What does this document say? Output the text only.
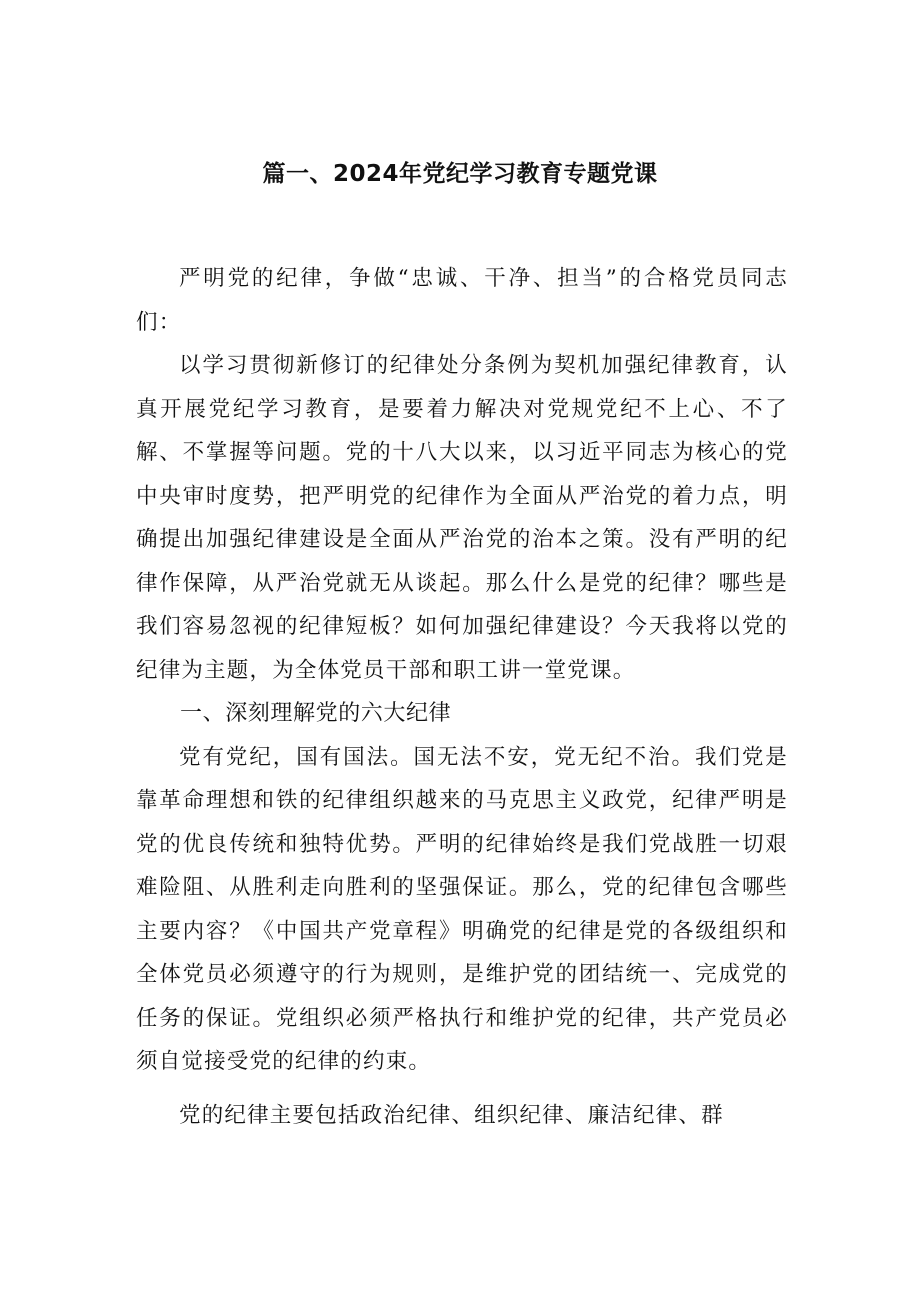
篇一、2024年党纪学习教育专题党课

严明党的纪律，争做“忠诚、干净、担当”的合格党员同志们：

以学习贯彻新修订的纪律处分条例为契机加强纪律教育，认真开展党纪学习教育，是要着力解决对党规党纪不上心、不了解、不掌握等问题。党的十八大以来，以习近平同志为核心的党中央审时度势，把严明党的纪律作为全面从严治党的着力点，明确提出加强纪律建设是全面从严治党的治本之策。没有严明的纪律作保障，从严治党就无从谈起。那么什么是党的纪律？哪些是我们容易忽视的纪律短板？如何加强纪律建设？今天我将以党的纪律为主题，为全体党员干部和职工讲一堂党课。

一、深刻理解党的六大纪律

党有党纪，国有国法。国无法不安，党无纪不治。我们党是靠革命理想和铁的纪律组织越来的马克思主义政党，纪律严明是党的优良传统和独特优势。严明的纪律始终是我们党战胜一切艰难险阻、从胜利走向胜利的坚强保证。那么，党的纪律包含哪些主要内容？《中国共产党章程》明确党的纪律是党的各级组织和全体党员必须遵守的行为规则，是维护党的团结统一、完成党的任务的保证。党组织必须严格执行和维护党的纪律，共产党员必须自觉接受党的纪律的约束。

党的纪律主要包括政治纪律、组织纪律、廉洁纪律、群
